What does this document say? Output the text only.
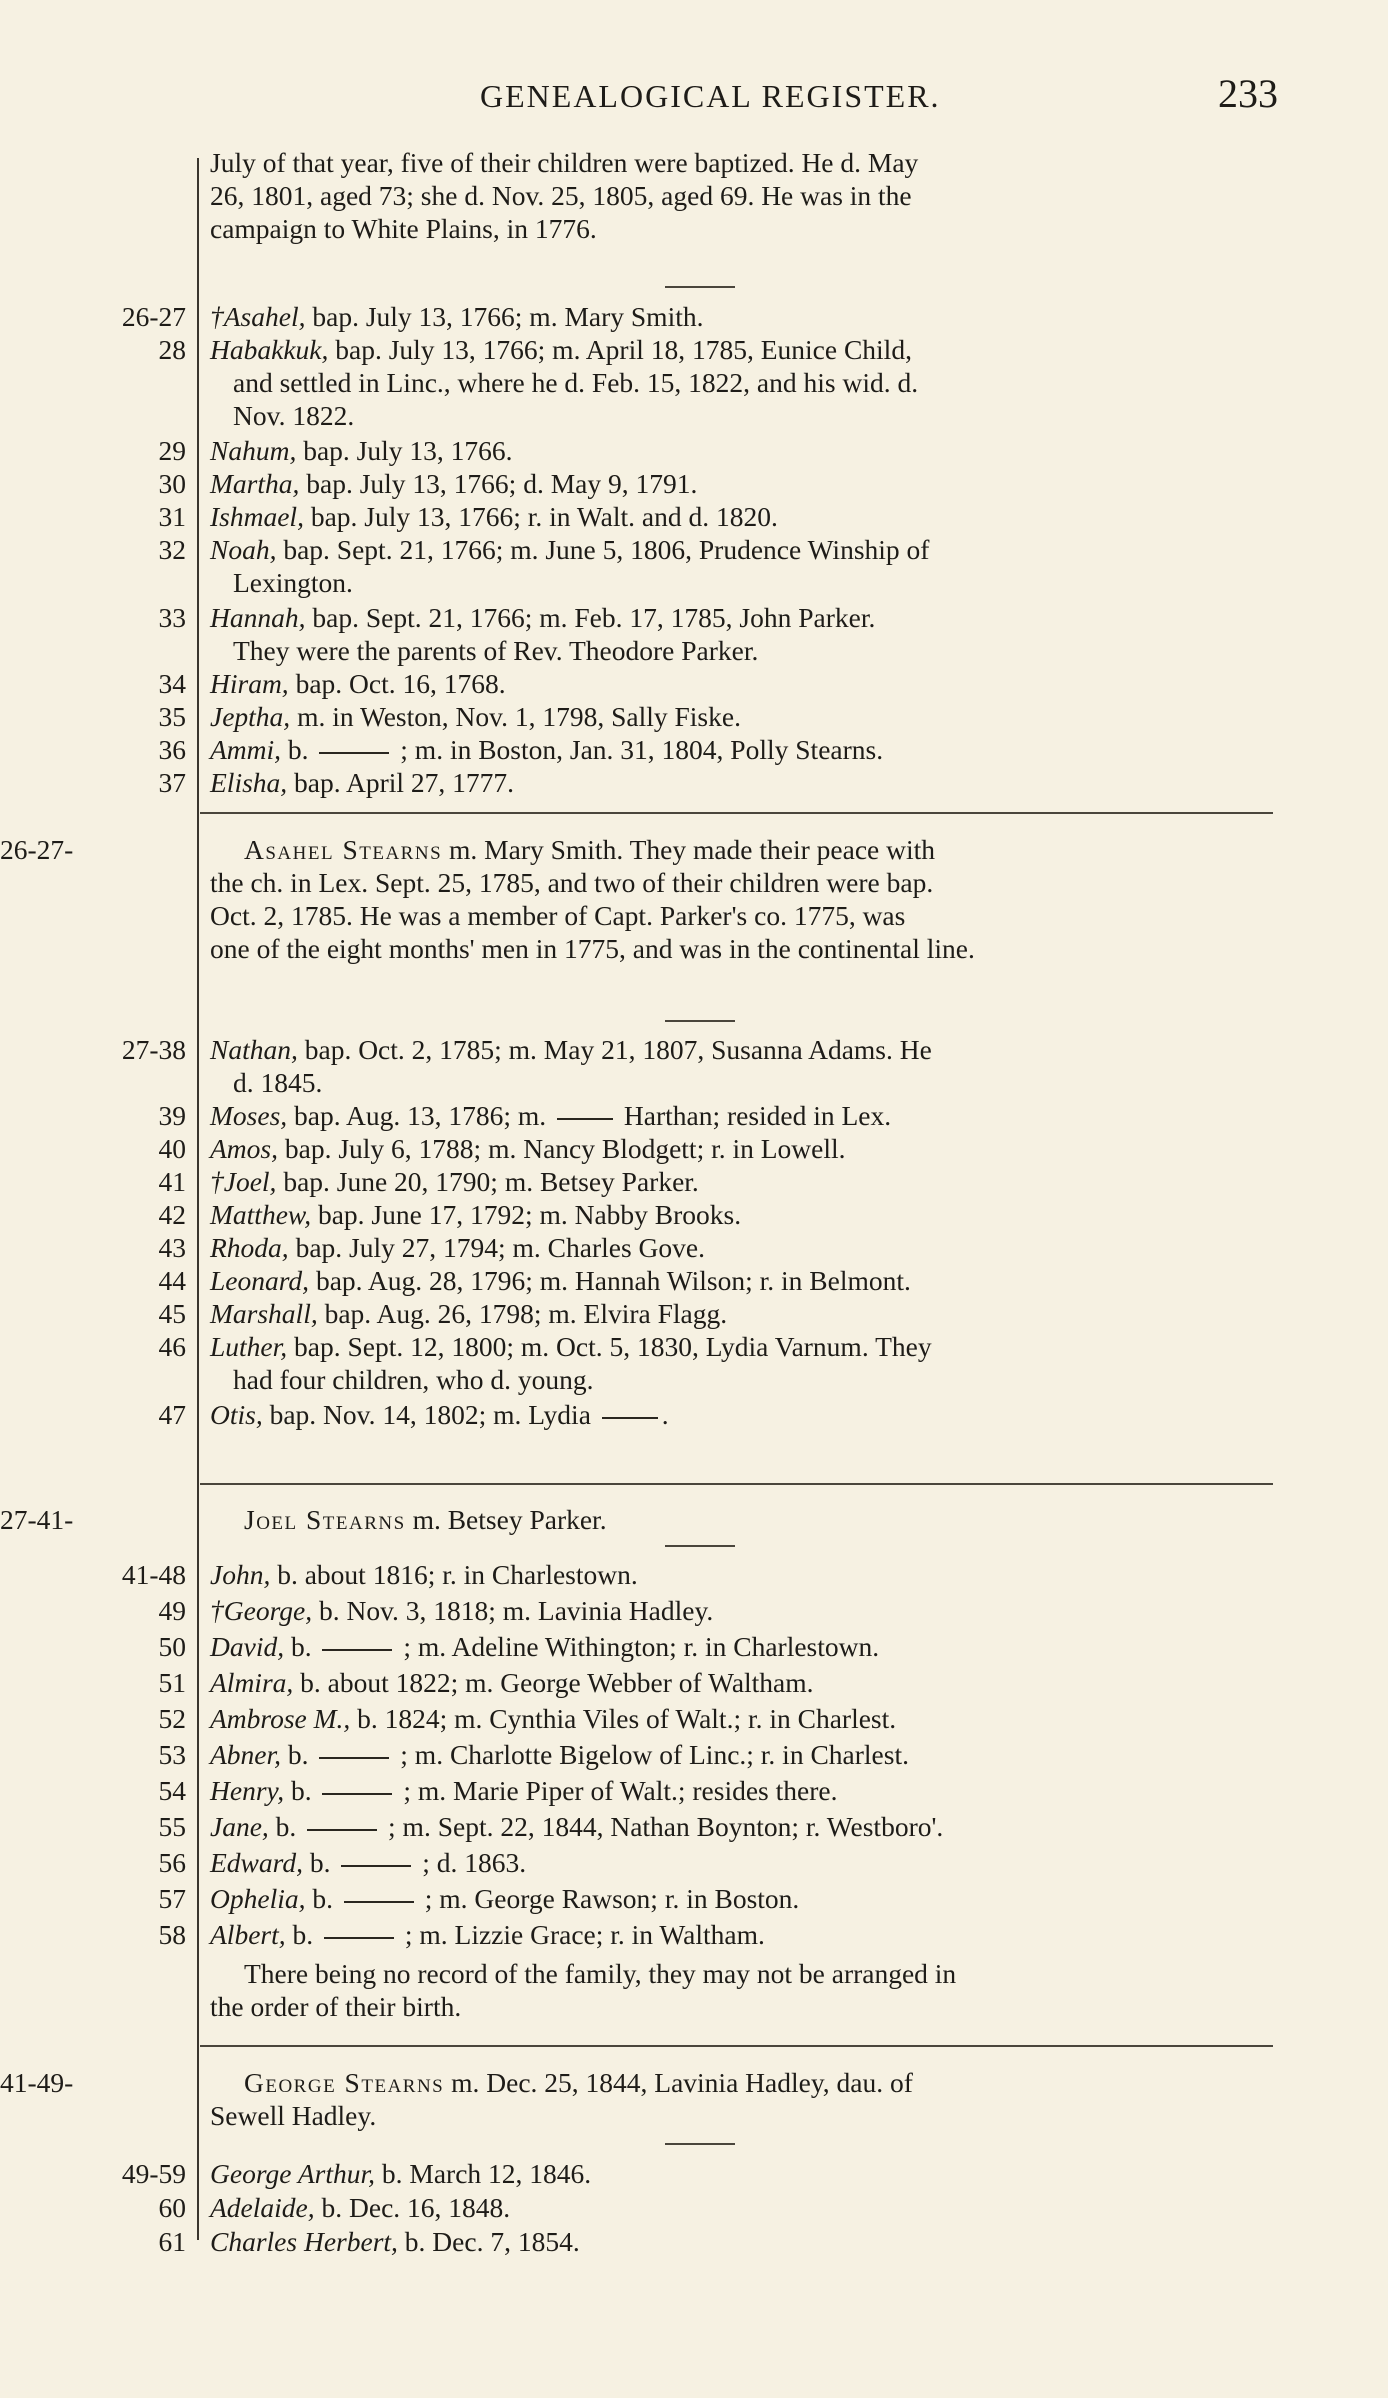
GENEALOGICAL REGISTER.	233
July of that year, five of their children were baptized. He d. May
26, 1801, aged 73; she d. Nov. 25, 1805, aged 69. He was in the
campaign to White Plains, in 1776.
26-27 †Asahel, bap. July 13, 1766; m. Mary Smith.
28 Habakkuk, bap. July 13, 1766; m. April 18, 1785, Eunice Child,
and settled in Linc., where he d. Feb. 15, 1822, and his wid. d.
Nov. 1822.
29 Nahum, bap. July 13, 1766.
30 Martha, bap. July 13, 1766; d. May 9, 1791.
31 Ishmael, bap. July 13, 1766; r. in Walt. and d. 1820.
32 Noah, bap. Sept. 21, 1766; m. June 5, 1806, Prudence Winship of
Lexington.
33 Hannah, bap. Sept. 21, 1766; m. Feb. 17, 1785, John Parker.
They were the parents of Rev. Theodore Parker.
34 Hiram, bap. Oct. 16, 1768.
35 Jeptha, m. in Weston, Nov. 1, 1798, Sally Fiske.
36 Ammi, b.	; m. in Boston, Jan. 31, 1804, Polly Stearns.
37 Elisha, bap. April 27, 1777.
26-27-	Asahel Stearns m. Mary Smith. They made their peace with
the ch. in Lex. Sept. 25, 1785, and two of their children were bap.
Oct. 2, 1785. He was a member of Capt. Parker's co. 1775, was
one of the eight months' men in 1775, and was in the continental line.
27-38 Nathan, bap. Oct. 2, 1785; m. May 21, 1807, Susanna Adams. He
d. 1845.
39 Moses, bap. Aug. 13, 1786; m.  Harthan; resided in Lex.
40 Amos, bap. July 6, 1788; m. Nancy Blodgett; r. in Lowell.
41 †Joel, bap. June 20, 1790; m. Betsey Parker.
42 Matthew, bap. June 17, 1792; m. Nabby Brooks.
43 Rhoda, bap. July 27, 1794; m. Charles Gove.
44 Leonard, bap. Aug. 28, 1796; m. Hannah Wilson; r. in Belmont.
45 Marshall, bap. Aug. 26, 1798; m. Elvira Flagg.
46 Luther, bap. Sept. 12, 1800; m. Oct. 5, 1830, Lydia Varnum. They
had four children, who d. young.
47 Otis, bap. Nov. 14, 1802; m. Lydia .
27-41-	Joel Stearns m. Betsey Parker.
41-48 John, b. about 1816; r. in Charlestown.
49 †George, b. Nov. 3, 1818; m. Lavinia Hadley.
50 David, b.	; m. Adeline Withington; r. in Charlestown.
51 Almira, b. about 1822; m. George Webber of Waltham.
52 Ambrose M., b. 1824; m. Cynthia Viles of Walt.; r. in Charlest.
53 Abner, b.	; m. Charlotte Bigelow of Linc.; r. in Charlest.
54 Henry, b.	; m. Marie Piper of Walt.; resides there.
55 Jane, b.	; m. Sept. 22, 1844, Nathan Boynton; r. Westboro'.
56 Edward, b.	; d. 1863.
57 Ophelia, b.	; m. George Rawson; r. in Boston.
58 Albert, b.	; m. Lizzie Grace; r. in Waltham.
There being no record of the family, they may not be arranged in
the order of their birth.
41-49-	George Stearns m. Dec. 25, 1844, Lavinia Hadley, dau. of
Sewell Hadley.
49-59 George Arthur, b. March 12, 1846.
60 Adelaide, b. Dec. 16, 1848.
61 Charles Herbert, b. Dec. 7, 1854.
